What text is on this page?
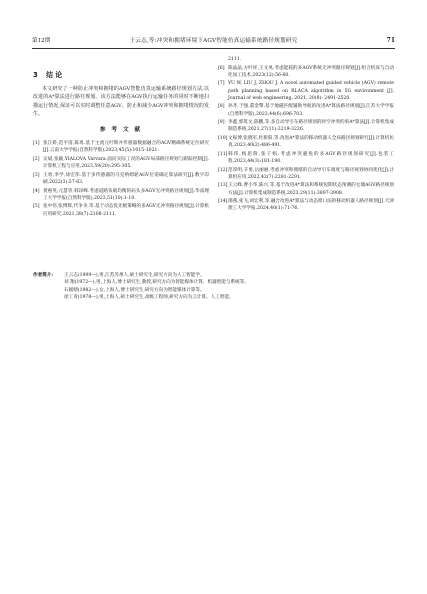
第12期	王云志,等:冲突和拥堵环境下AGV智能仿真运输系统路径规划研究	71
3 结 论

本文研究了一种防止冲突和拥堵的AGV智能仿真运输系统路径规划方法,以改进的A*算法进行路径规划。该方法能够在AGV执行运输任务的同时不断地扫描运行情况,保证可以实时调整任意AGV、防止和减少AGV冲突和拥堵情况的发生。

参 考 文 献
[1] 张江娇,范平清,陈勇.基于主流元叶斯并传感器数据融合的AGV精确系统定位研究[J].云南大学学报(自然科学版),2023,45(5):1015-1021.
[2] 吴斌,张颖,YIALOVA Varvara.面向实际工况的AGV局部路径规划与跟踪控制[J].计算机工程与应用,2023,59(20):295-305.
[3] 王勇,李学,徐宏伟.基于多传感器的马克纳姆轮AGV位姿确定算法研究[J].数字印刷,2022(3):57-63.
[4] 龚惠英,元慧青,韩译峰.考虑道路负载均衡的码头多AGV无冲突路径规划[J].华南理工大学学报(自然科学版),2023,51(10):1-10.
[5] 张中伟,张博辉,代争争,等.基于动态优先级策略的多AGV无冲突路径规划[J].计算机应用研究,2021,38(7):2108-2111.
2111.
[6] 陈晶晶,方叶祥,王文凤.考虑能耗的多AGV系统无冲突路径规划[J].组合机床与自动化加工技术,2023(12):56-60.
[7] YU W, LIU J, ZHOU J. A novel automated guided vehicle (AGV) remote path planning based on RLACA algorithm in 5G environment [J]. Journal of web engineering, 2021, 20(8): 2491-2520.
[8] 孙齐,于强,董金擎.基于地磁匹配辅助导航的改进A*算法路径规划[J].江苏大学学报(自然科学版),2023,44(6):696-703.
[9] 李鑫,郭筑文,陈鹏,等.多自动导引车路径规划的时空冲突约束A*算法[J].计算机集成制造系统,2021,27(11):3219-3226.
[10] 文振博,张晓军,杜新阳,等.改进A*算法的移动机器人全局路径规划研究[J].计算机仿真,2023,40(2):486-491.
[11] 韩玮,杨思瑞,张子娟.考虑冲突避免的多AGV路径规划研究[J].包装工程,2023,44(3):181-190.
[12] 范厚明,辛勇,岳丽丽.考虑冲突和拥堵的自动导引车调度与路径规划协同优化[J].计算机应用,2022,42(7):2281-2291.
[13] 王云峰,曹小华,陈兴,等.基于改进A*算法和系统短期状态预测的仓储AGV路径规划方法[J].计算机集成制造系统,2023,29(11):3897-3908.
[14] 邵燕,张飞,刘宏利,等.融合改进A*算法与动态窗口法的移动机器人路径规划[J].天津理工大学学报,2024,40(1):71-76.
作者简介:	王云志(1999—),男,江苏苏州人,硕士研究生,研究方向为人工智能学。
刘 翔(1972—),男,上海人,博士研究生,教授,研究方向为智能媒体计算、机器智能与系统等。
石媛婧(1982—),女,上海人,博士研究生,研究方向为智能媒体计算等。
徐工青(1978—),男,上海人,硕士研究生,高级工程师,研究方向为云计算、人工智能。
